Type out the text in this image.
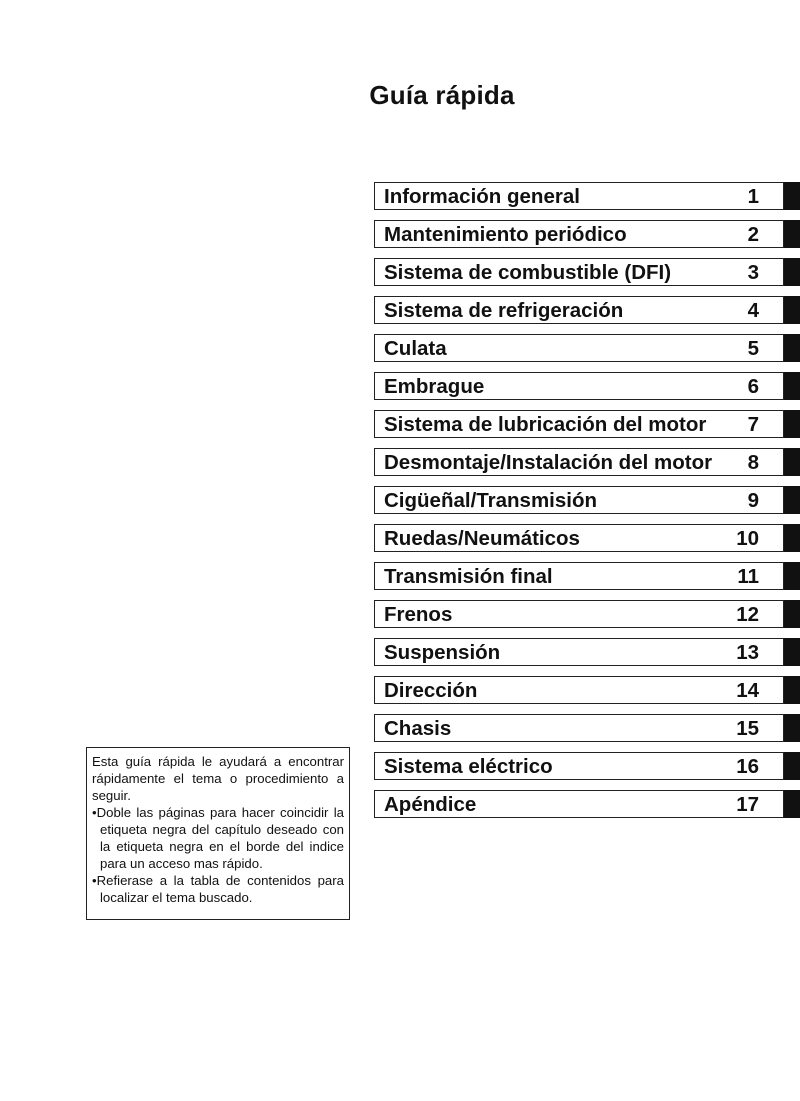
Guía rápida
Información general	1
Mantenimiento periódico	2
Sistema de combustible (DFI)	3
Sistema de refrigeración	4
Culata	5
Embrague	6
Sistema de lubricación del motor 7
Desmontaje/Instalación del motor 8
Cigüeñal/Transmisión	9
Ruedas/Neumáticos	10
Transmisión final	11
Frenos	12
Suspensión	13
Dirección	14
Chasis	15
Sistema eléctrico	16
Apéndice	17

Esta guía rápida le ayudará a encontrar rápidamente el tema o procedimiento a seguir.

•Doble las páginas para hacer coincidir la etiqueta negra del capítulo deseado con la etiqueta negra en el borde del indice para un acceso mas rápido.

•Refierase a la tabla de contenidos para localizar el tema buscado.
